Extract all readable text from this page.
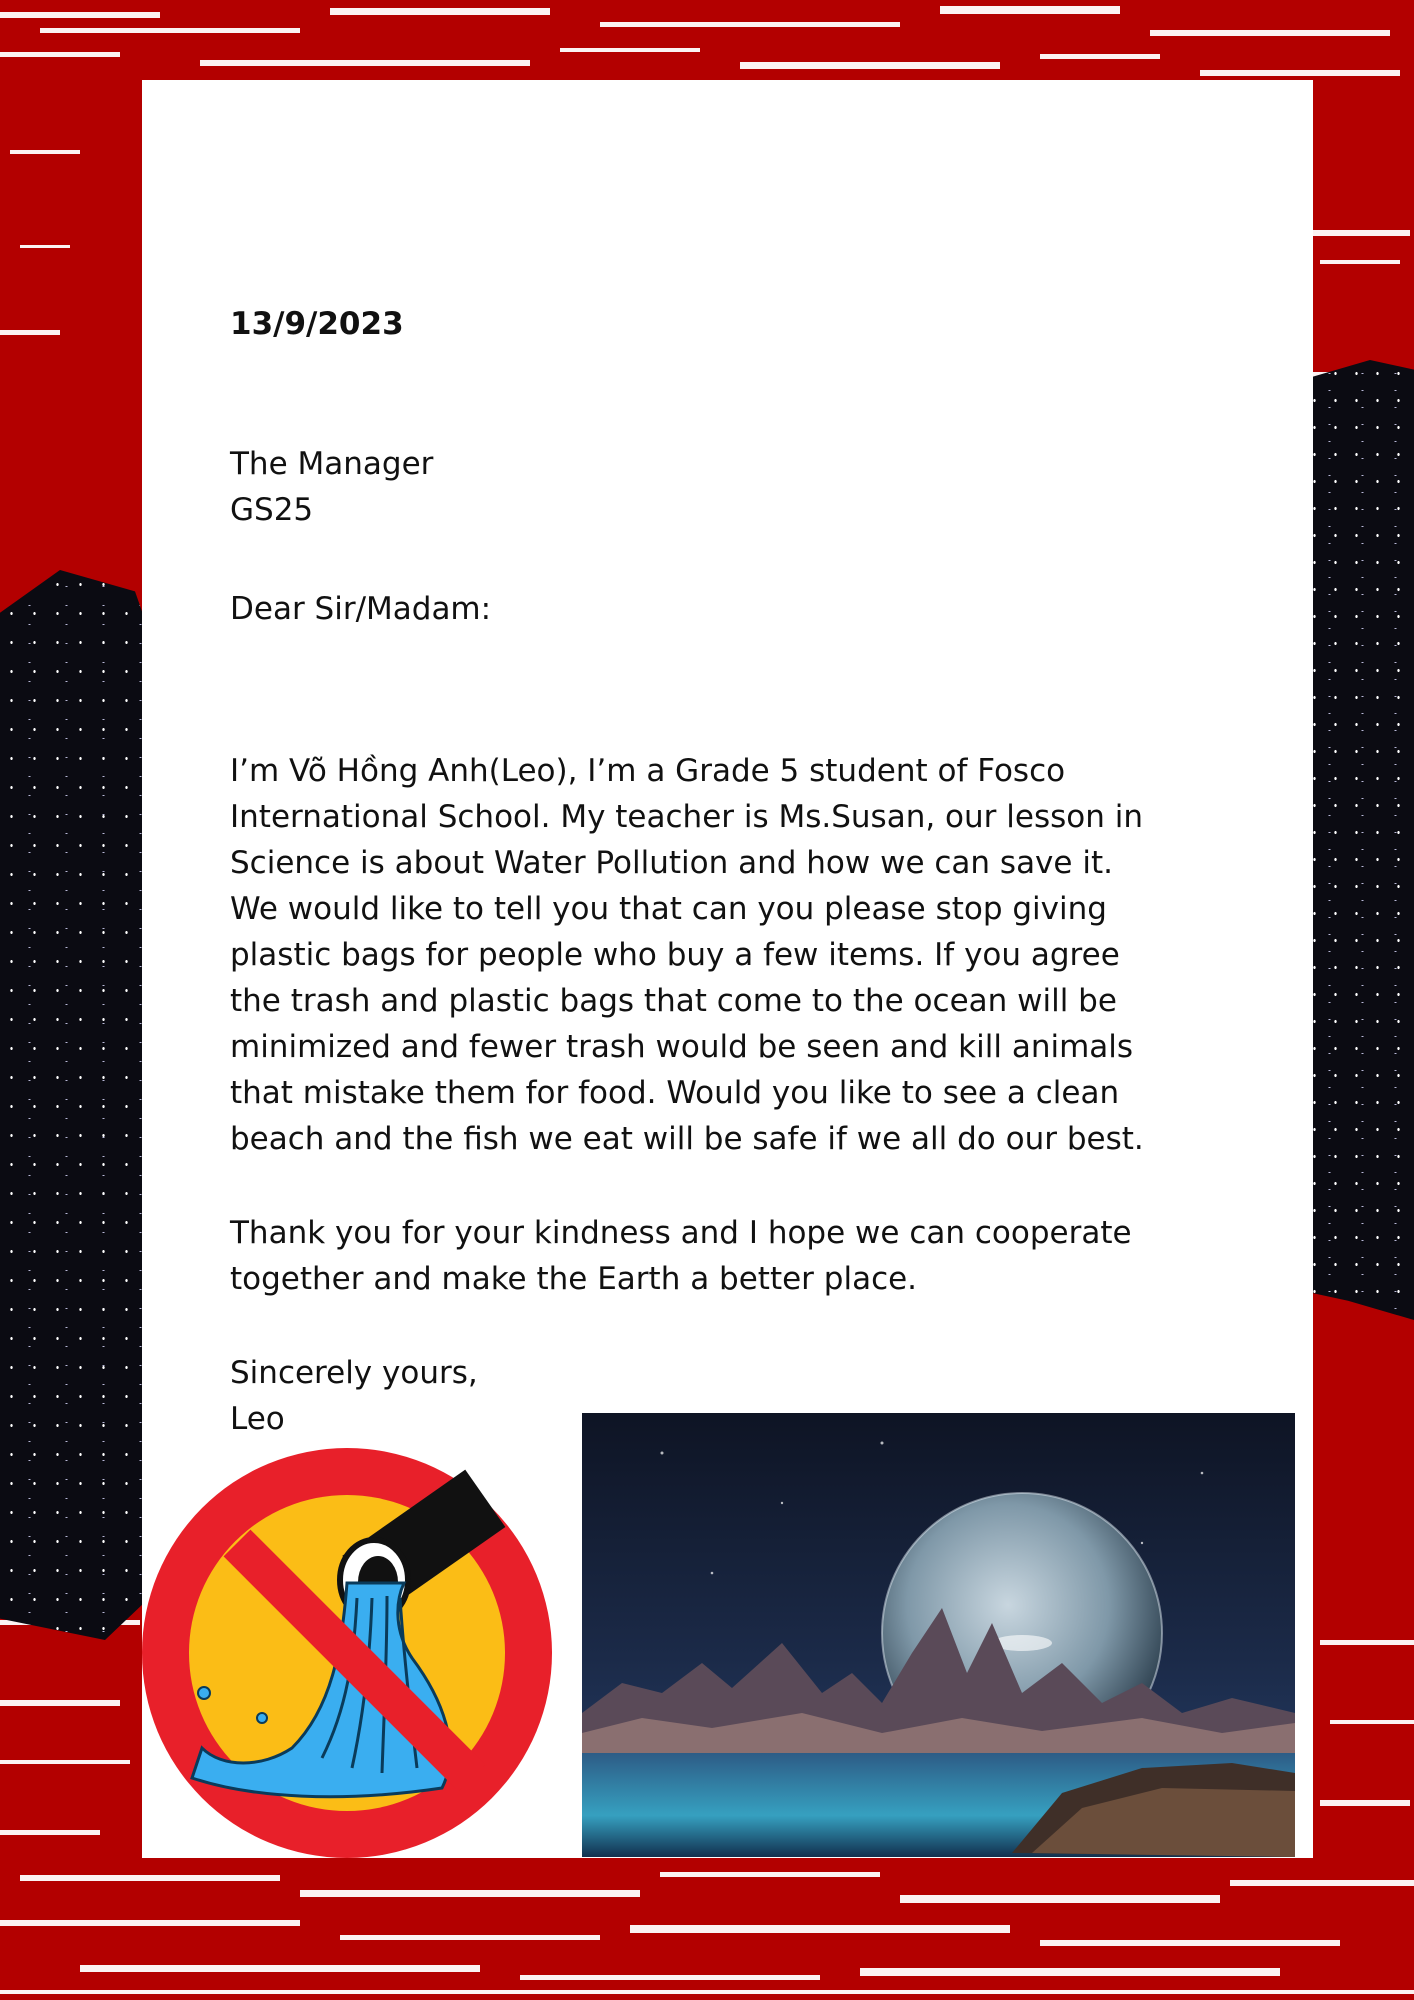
13/9/2023
The Manager
GS25
Dear Sir/Madam:
I’m Võ Hồng Anh(Leo), I’m a Grade 5 student of Fosco
International School. My teacher is Ms.Susan, our lesson in
Science is about Water Pollution and how we can save it.
We would like to tell you that can you please stop giving
plastic bags for people who buy a few items. If you agree
the trash and plastic bags that come to the ocean will be
minimized and fewer trash would be seen and kill animals
that mistake them for food. Would you like to see a clean
beach and the fish we eat will be safe if we all do our best.
Thank you for your kindness and I hope we can cooperate
together and make the Earth a better place.
Sincerely yours,
Leo
